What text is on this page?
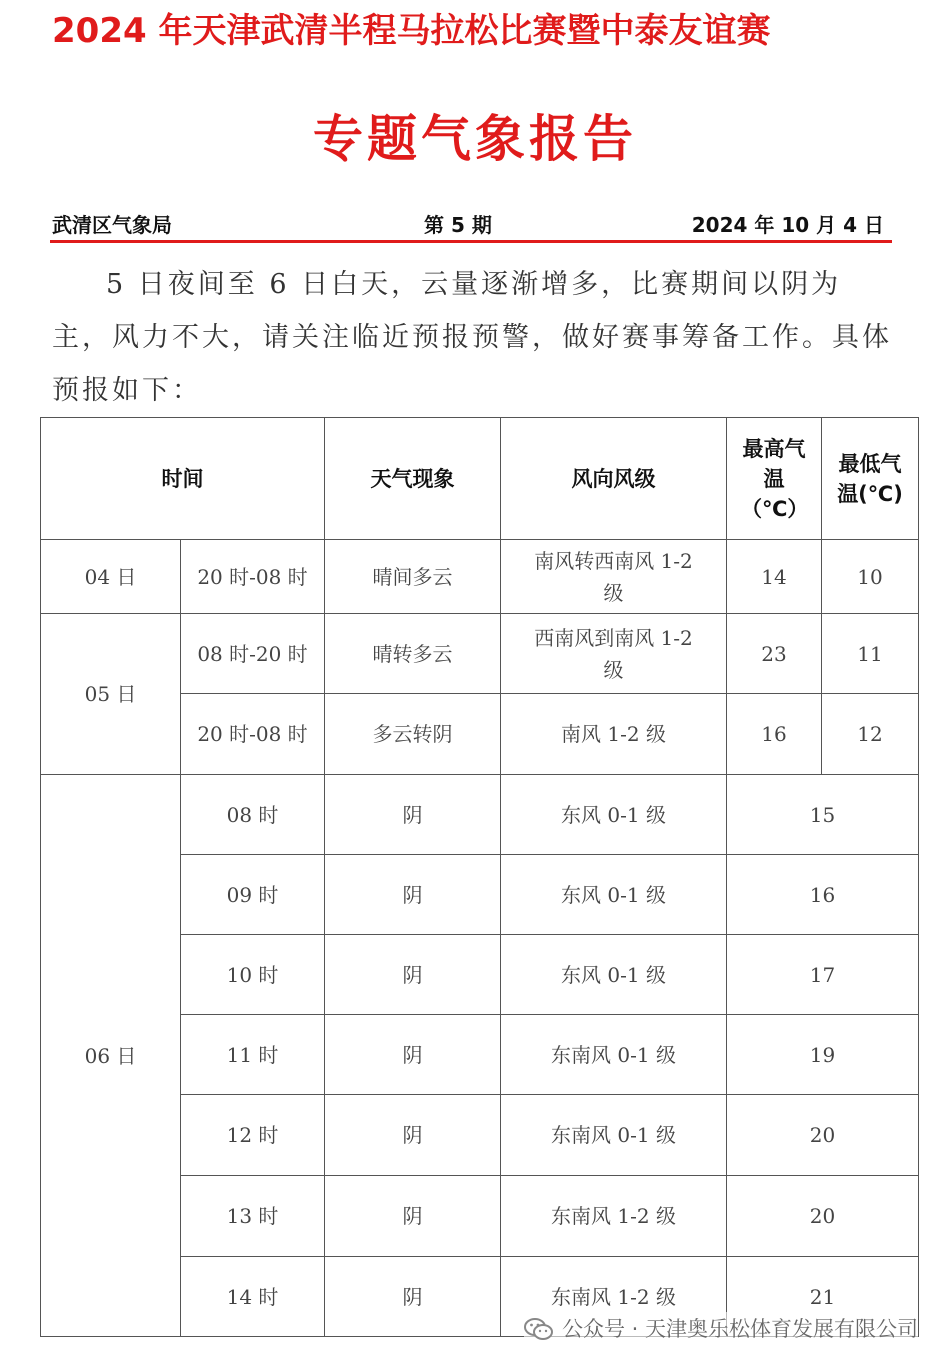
2024 年天津武清半程马拉松比赛暨中泰友谊赛
专题气象报告
武清区气象局	第 5 期	2024 年 10 月 4 日

5 日夜间至 6 日白天，云量逐渐增多，比赛期间以阴为主，风力不大，请关注临近预报预警，做好赛事筹备工作。具体预报如下：

时间		天气现象	风向风级	最高气温（℃）	最低气温(℃)
04 日	20 时-08 时	晴间多云	南风转西南风 1-2 级	14	10
05 日	08 时-20 时	晴转多云	西南风到南风 1-2 级	23	11
	20 时-08 时	多云转阴	南风 1-2 级	16	12
06 日	08 时	阴	东风 0-1 级	15	
	09 时	阴	东风 0-1 级	16	
	10 时	阴	东风 0-1 级	17	
	11 时	阴	东南风 0-1 级	19	
	12 时	阴	东南风 0-1 级	20	
	13 时	阴	东南风 1-2 级	20	
	14 时	阴	东南风 1-2 级	21	
公众号 · 天津奥乐松体育发展有限公司
